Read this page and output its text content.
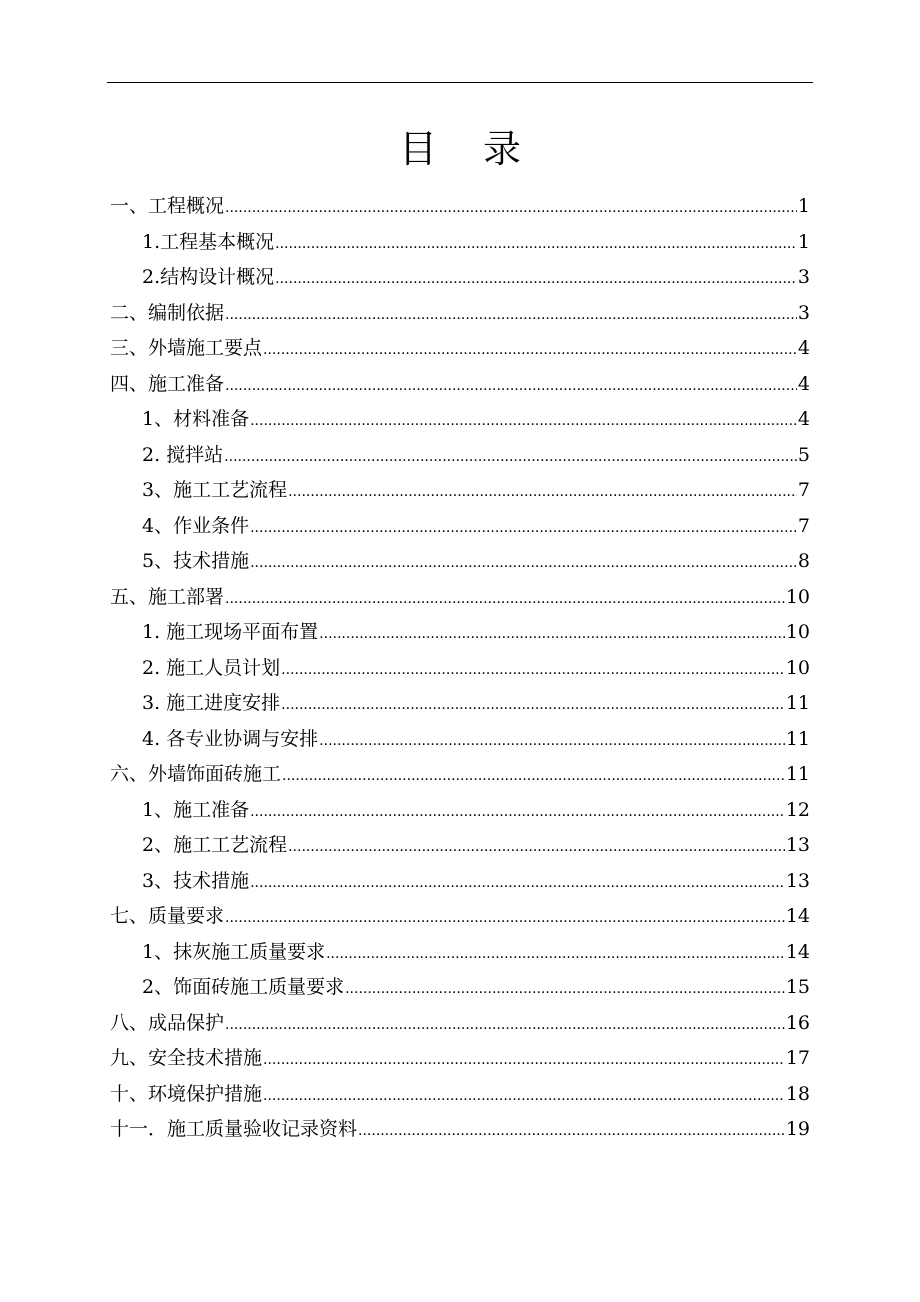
目 录
一、工程概况 .....	1
1.工程基本概况 .....	1
2.结构设计概况 .....	3
二、编制依据 .....	3
三、外墙施工要点 .....	4
四、施工准备 .....	4
1、材料准备 .....	4
2. 搅拌站 .....	5
3、施工工艺流程 .....	7
4、作业条件 .....	7
5、技术措施 .....	8
五、施工部署 .....	10
1. 施工现场平面布置 .....	10
2. 施工人员计划 .....	10
3. 施工进度安排 .....	11
4. 各专业协调与安排 .....	11
六、外墙饰面砖施工 .....	11
1、施工准备 .....	12
2、施工工艺流程 .....	13
3、技术措施 .....	13
七、质量要求 .....	14
1、抹灰施工质量要求 .....	14
2、饰面砖施工质量要求 .....	15
八、成品保护 .....	16
九、安全技术措施 .....	17
十、环境保护措施 .....	18
十一．施工质量验收记录资料 .....	19
